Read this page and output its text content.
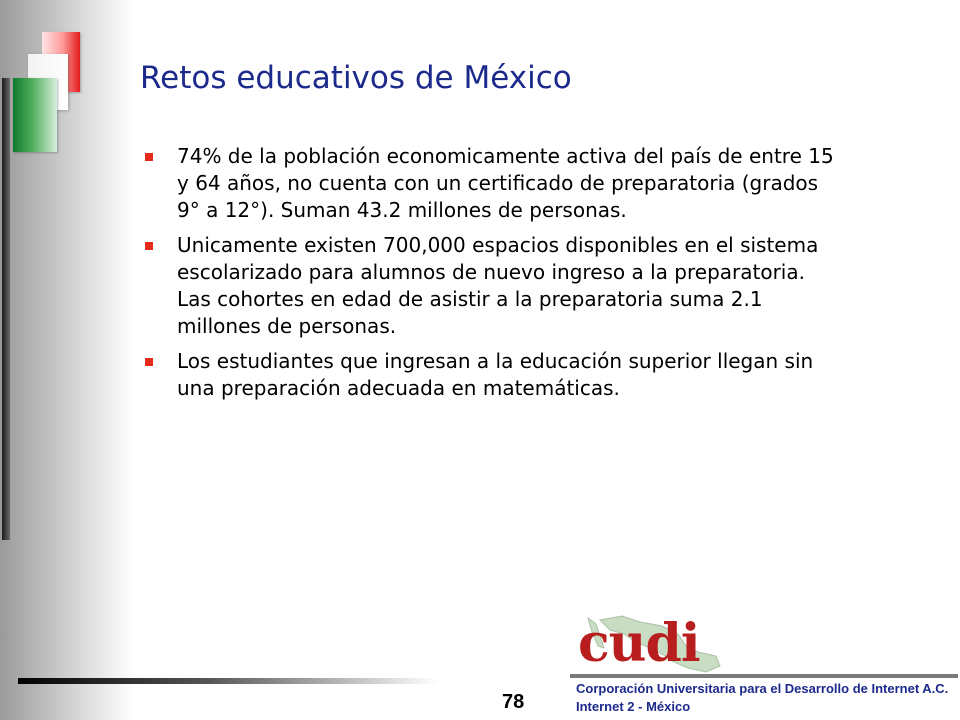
Retos educativos de México
74% de la población economicamente activa del país de entre 15 y 64 años, no cuenta con un certificado de preparatoria (grados 9° a 12°). Suman 43.2 millones de personas.
Unicamente existen 700,000 espacios disponibles en el sistema escolarizado para alumnos de nuevo ingreso a la preparatoria. Las cohortes en edad de asistir a la preparatoria suma 2.1 millones de personas.
Los estudiantes que ingresan a la educación superior llegan sin una preparación adecuada en matemáticas.
78
cudi
Corporación Universitaria para el Desarrollo de Internet A.C.
Internet 2 - México
